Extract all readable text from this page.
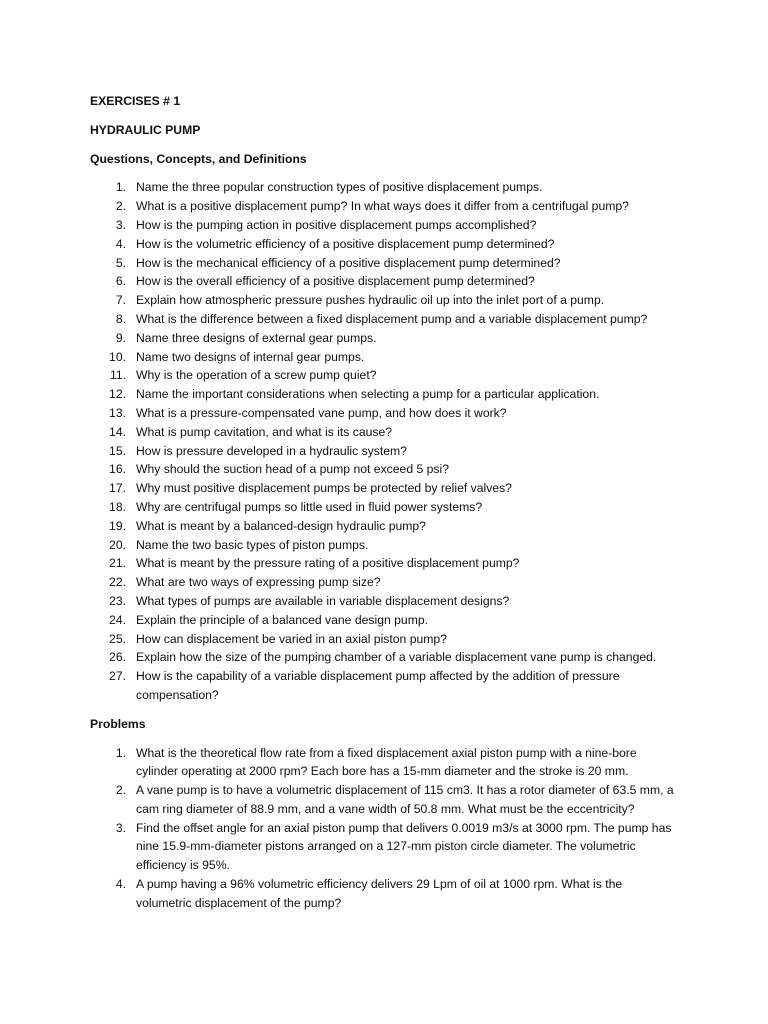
EXERCISES # 1

HYDRAULIC PUMP

Questions, Concepts, and Definitions

1. Name the three popular construction types of positive displacement pumps.
2. What is a positive displacement pump? In what ways does it differ from a centrifugal pump?
3. How is the pumping action in positive displacement pumps accomplished?
4. How is the volumetric efficiency of a positive displacement pump determined?
5. How is the mechanical efficiency of a positive displacement pump determined?
6. How is the overall efficiency of a positive displacement pump determined?
7. Explain how atmospheric pressure pushes hydraulic oil up into the inlet port of a pump.
8. What is the difference between a fixed displacement pump and a variable displacement pump?
9. Name three designs of external gear pumps.
10. Name two designs of internal gear pumps.
11. Why is the operation of a screw pump quiet?
12. Name the important considerations when selecting a pump for a particular application.
13. What is a pressure-compensated vane pump, and how does it work?
14. What is pump cavitation, and what is its cause?
15. How is pressure developed in a hydraulic system?
16. Why should the suction head of a pump not exceed 5 psi?
17. Why must positive displacement pumps be protected by relief valves?
18. Why are centrifugal pumps so little used in fluid power systems?
19. What is meant by a balanced-design hydraulic pump?
20. Name the two basic types of piston pumps.
21. What is meant by the pressure rating of a positive displacement pump?
22. What are two ways of expressing pump size?
23. What types of pumps are available in variable displacement designs?
24. Explain the principle of a balanced vane design pump.
25. How can displacement be varied in an axial piston pump?
26. Explain how the size of the pumping chamber of a variable displacement vane pump is changed.
27. How is the capability of a variable displacement pump affected by the addition of pressure compensation?

Problems

1. What is the theoretical flow rate from a fixed displacement axial piston pump with a nine-bore cylinder operating at 2000 rpm? Each bore has a 15-mm diameter and the stroke is 20 mm.
2. A vane pump is to have a volumetric displacement of 115 cm3. It has a rotor diameter of 63.5 mm, a cam ring diameter of 88.9 mm, and a vane width of 50.8 mm. What must be the eccentricity?
3. Find the offset angle for an axial piston pump that delivers 0.0019 m3/s at 3000 rpm. The pump has nine 15.9-mm-diameter pistons arranged on a 127-mm piston circle diameter. The volumetric efficiency is 95%.
4. A pump having a 96% volumetric efficiency delivers 29 Lpm of oil at 1000 rpm. What is the volumetric displacement of the pump?
